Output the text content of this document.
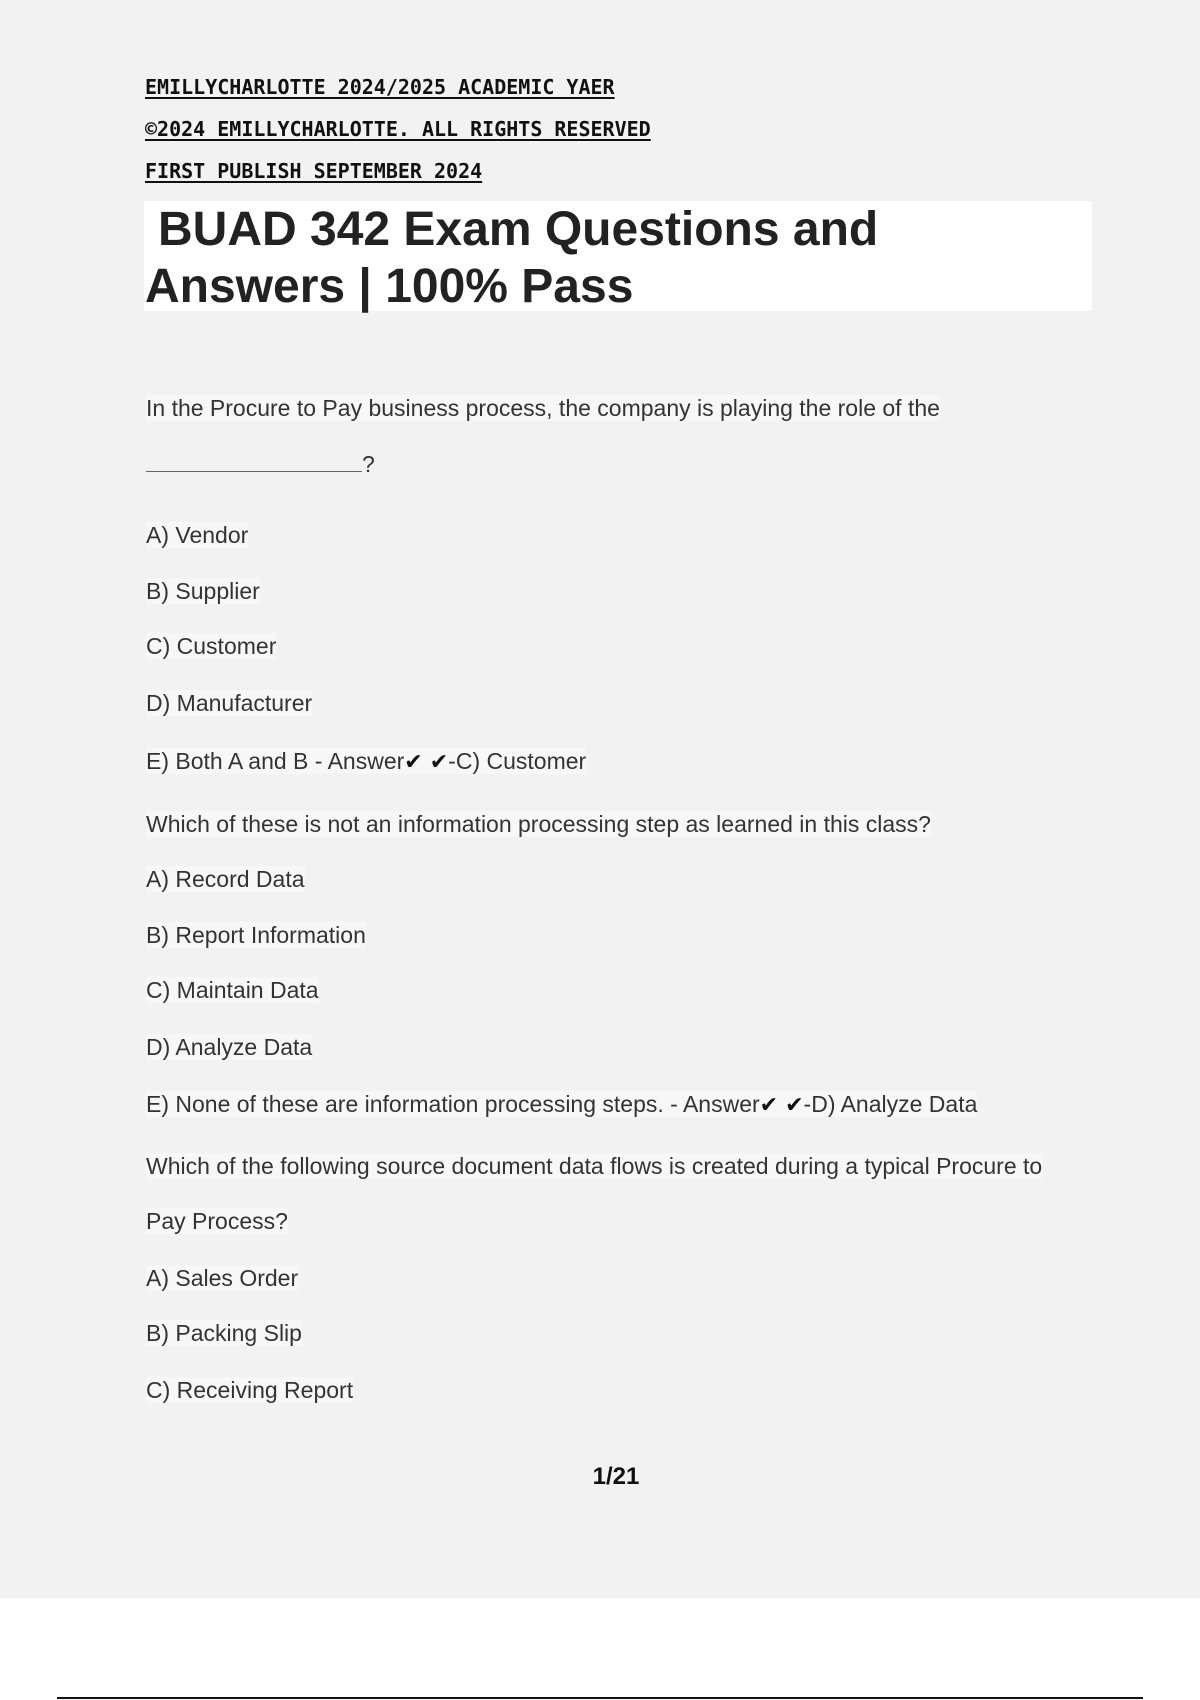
EMILLYCHARLOTTE 2024/2025 ACADEMIC YAER
©2024 EMILLYCHARLOTTE. ALL RIGHTS RESERVED
FIRST PUBLISH SEPTEMBER 2024
BUAD 342 Exam Questions and
Answers | 100% Pass

In the Procure to Pay business process, the company is playing the role of the

?

A) Vendor

B) Supplier

C) Customer

D) Manufacturer

E) Both A and B - Answer✔ ✔-C) Customer

Which of these is not an information processing step as learned in this class?

A) Record Data

B) Report Information

C) Maintain Data

D) Analyze Data

E) None of these are information processing steps. - Answer✔ ✔-D) Analyze Data

Which of the following source document data flows is created during a typical Procure to

Pay Process?

A) Sales Order

B) Packing Slip

C) Receiving Report

1/21
